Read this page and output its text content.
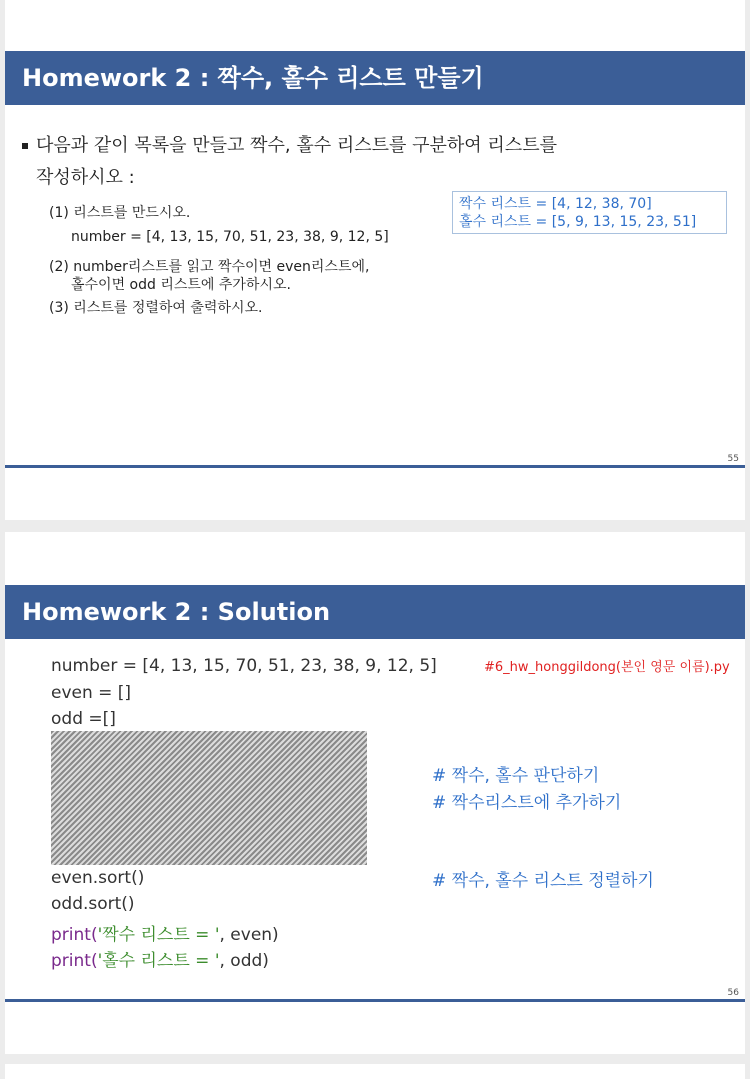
Homework 2 : 짝수, 홀수 리스트 만들기
다음과 같이 목록을 만들고 짝수, 홀수 리스트를 구분하여 리스트를
작성하시오 :
(1) 리스트를 만드시오.
number = [4, 13, 15, 70, 51, 23, 38, 9, 12, 5]
(2) number리스트를 읽고 짝수이면 even리스트에,
홀수이면 odd 리스트에 추가하시오.
(3) 리스트를 정렬하여 출력하시오.
짝수 리스트 = [4, 12, 38, 70]
홀수 리스트 = [5, 9, 13, 15, 23, 51]
55
Homework 2 : Solution
#6_hw_honggildong(본인 영문 이름).py
number = [4, 13, 15, 70, 51, 23, 38, 9, 12, 5]
even = []
odd =[]
# 짝수, 홀수 판단하기
# 짝수리스트에 추가하기
even.sort()	# 짝수, 홀수 리스트 정렬하기
odd.sort()
print('짝수 리스트 = ', even)
print('홀수 리스트 = ', odd)
56
